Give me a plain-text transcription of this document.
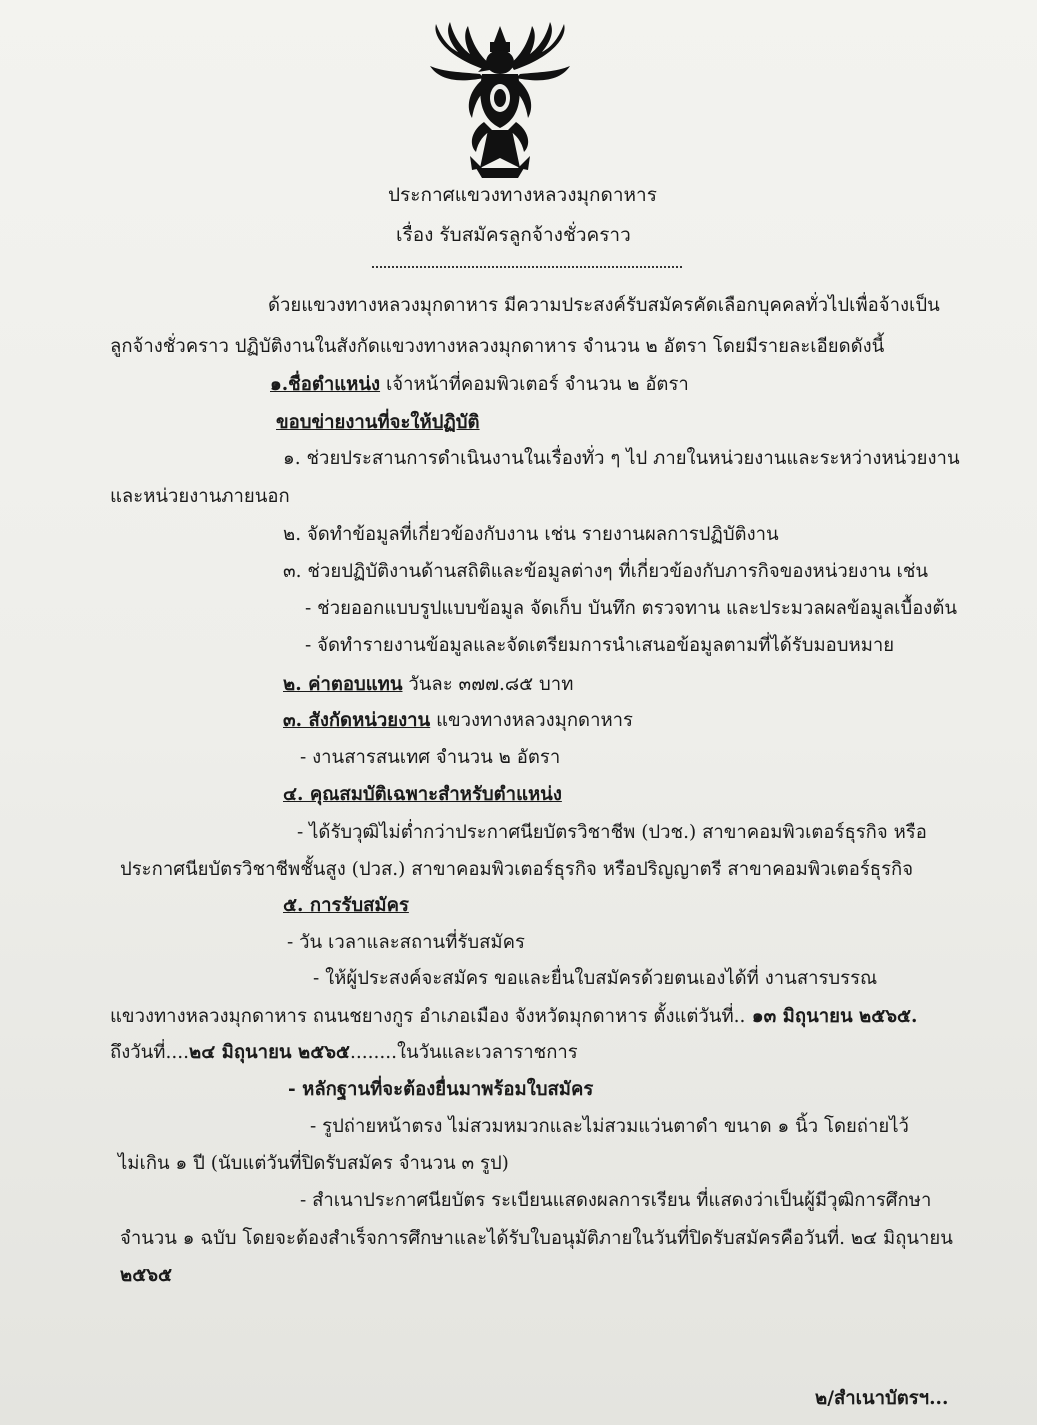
ประกาศแขวงทางหลวงมุกดาหาร
เรื่อง รับสมัครลูกจ้างชั่วคราว
ด้วยแขวงทางหลวงมุกดาหาร มีความประสงค์รับสมัครคัดเลือกบุคคลทั่วไปเพื่อจ้างเป็น
ลูกจ้างชั่วคราว ปฏิบัติงานในสังกัดแขวงทางหลวงมุกดาหาร จำนวน ๒ อัตรา โดยมีรายละเอียดดังนี้
๑.ชื่อตำแหน่ง เจ้าหน้าที่คอมพิวเตอร์ จำนวน ๒ อัตรา
ขอบข่ายงานที่จะให้ปฏิบัติ
๑. ช่วยประสานการดำเนินงานในเรื่องทั่ว ๆ ไป ภายในหน่วยงานและระหว่างหน่วยงาน
และหน่วยงานภายนอก
๒. จัดทำข้อมูลที่เกี่ยวข้องกับงาน เช่น รายงานผลการปฏิบัติงาน
๓. ช่วยปฏิบัติงานด้านสถิติและข้อมูลต่างๆ ที่เกี่ยวข้องกับภารกิจของหน่วยงาน เช่น
- ช่วยออกแบบรูปแบบข้อมูล จัดเก็บ บันทึก ตรวจทาน และประมวลผลข้อมูลเบื้องต้น
- จัดทำรายงานข้อมูลและจัดเตรียมการนำเสนอข้อมูลตามที่ได้รับมอบหมาย
๒. ค่าตอบแทน วันละ ๓๗๗.๘๕ บาท
๓. สังกัดหน่วยงาน แขวงทางหลวงมุกดาหาร
- งานสารสนเทศ จำนวน ๒ อัตรา
๔. คุณสมบัติเฉพาะสำหรับตำแหน่ง
- ได้รับวุฒิไม่ต่ำกว่าประกาศนียบัตรวิชาชีพ (ปวช.) สาขาคอมพิวเตอร์ธุรกิจ หรือ
ประกาศนียบัตรวิชาชีพชั้นสูง (ปวส.) สาขาคอมพิวเตอร์ธุรกิจ หรือปริญญาตรี สาขาคอมพิวเตอร์ธุรกิจ
๕. การรับสมัคร
- วัน เวลาและสถานที่รับสมัคร
- ให้ผู้ประสงค์จะสมัคร ขอและยื่นใบสมัครด้วยตนเองได้ที่ งานสารบรรณ
แขวงทางหลวงมุกดาหาร ถนนชยางกูร อำเภอเมือง จังหวัดมุกดาหาร ตั้งแต่วันที่.. ๑๓ มิถุนายน ๒๕๖๕.
ถึงวันที่....๒๔ มิถุนายน ๒๕๖๕........ในวันและเวลาราชการ
- หลักฐานที่จะต้องยื่นมาพร้อมใบสมัคร
- รูปถ่ายหน้าตรง ไม่สวมหมวกและไม่สวมแว่นตาดำ ขนาด ๑ นิ้ว โดยถ่ายไว้
ไม่เกิน ๑ ปี (นับแต่วันที่ปิดรับสมัคร จำนวน ๓ รูป)
- สำเนาประกาศนียบัตร ระเบียนแสดงผลการเรียน ที่แสดงว่าเป็นผู้มีวุฒิการศึกษา
จำนวน ๑ ฉบับ โดยจะต้องสำเร็จการศึกษาและได้รับใบอนุมัติภายในวันที่ปิดรับสมัครคือวันที่. ๒๔ มิถุนายน
๒๕๖๕
๒/สำเนาบัตรฯ...
